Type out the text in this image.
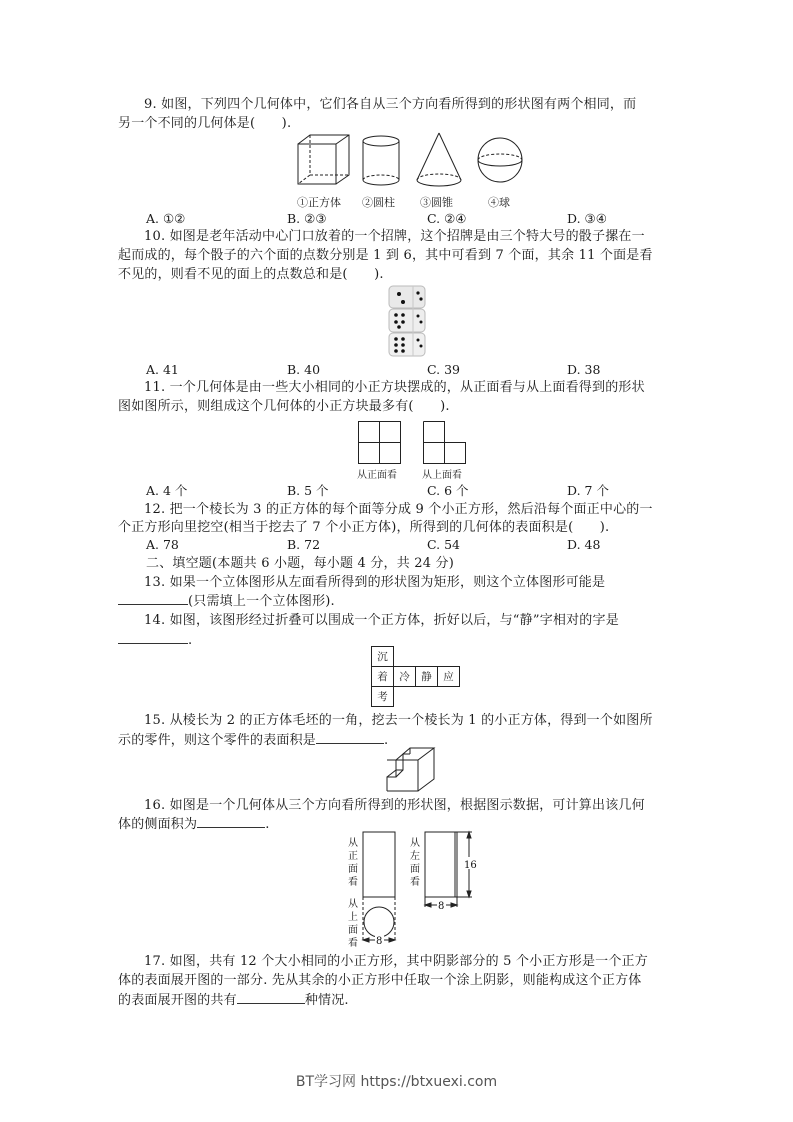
9. 如图，下列四个几何体中，它们各自从三个方向看所得到的形状图有两个相同，而
另一个不同的几何体是(　　).
①正方体 ②圆柱 ③圆锥	④球
A. ①②	B. ②③	C. ②④	D. ③④
10. 如图是老年活动中心门口放着的一个招牌，这个招牌是由三个特大号的骰子摞在一
起而成的，每个骰子的六个面的点数分别是 1 到 6，其中可看到 7 个面，其余 11 个面是看
不见的，则看不见的面上的点数总和是(　　).
A. 41	B. 40	C. 39	D. 38
11. 一个几何体是由一些大小相同的小正方块摆成的，从正面看与从上面看得到的形状
图如图所示，则组成这个几何体的小正方块最多有(　　).
从正面看	从上面看
A. 4 个	B. 5 个	C. 6 个	D. 7 个
12. 把一个棱长为 3 的正方体的每个面等分成 9 个小正方形，然后沿每个面正中心的一
个正方形向里挖空(相当于挖去了 7 个小正方体)，所得到的几何体的表面积是(　　).
A. 78	B. 72	C. 54	D. 48
二、填空题(本题共 6 小题，每小题 4 分，共 24 分)
13. 如果一个立体图形从左面看所得到的形状图为矩形，则这个立体图形可能是
(只需填上一个立体图形).
14. 如图，该图形经过折叠可以围成一个正方体，折好以后，与“静”字相对的字是
.
沉			
着	冷	静	应
考			
15. 从棱长为 2 的正方体毛坯的一角，挖去一个棱长为 1 的小正方体，得到一个如图所
示的零件，则这个零件的表面积是	.
16. 如图是一个几何体从三个方向看所得到的形状图，根据图示数据，可计算出该几何
体的侧面积为	.
从
正
面
看
从
上
面
看
从
左
面
看
16
8
8
17. 如图，共有 12 个大小相同的小正方形，其中阴影部分的 5 个小正方形是一个正方
体的表面展开图的一部分. 先从其余的小正方形中任取一个涂上阴影，则能构成这个正方体
的表面展开图的共有	种情况.
BT学习网 https://btxuexi.com
